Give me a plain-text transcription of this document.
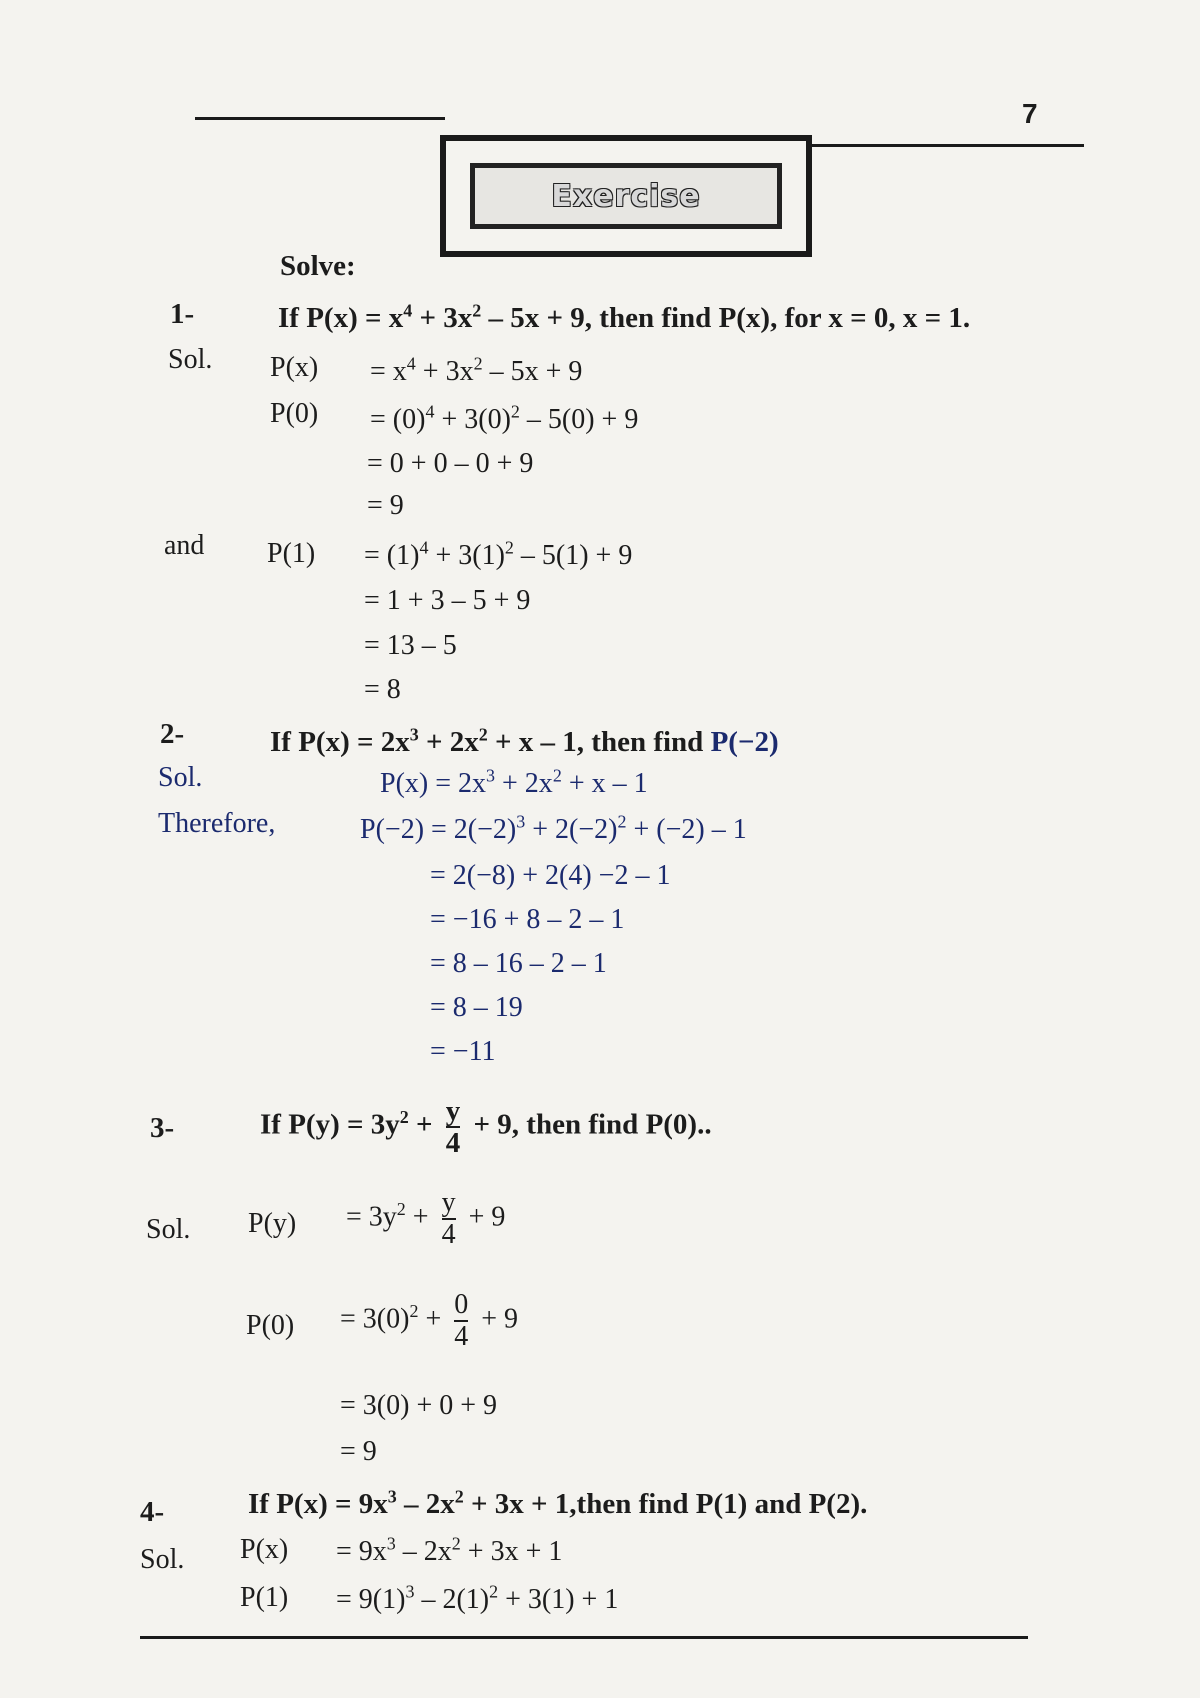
7
Exercise
Solve:
1-	If $P(x) = x^4 + 3x^2 - 5x + 9$, then find P(x), for x = 0, x = 1.
Sol. $P(x) = x^4 + 3x^2 - 5x + 9$
$P(0) = (0)^4 + 3(0)^2 - 5(0) + 9$
= 0 + 0 – 0 + 9
= 9
and $P(1) = (1)^4 + 3(1)^2 - 5(1) + 9$
= 1 + 3 – 5 + 9
= 13 – 5
= 8
2-	If $P(x) = 2x^3 + 2x^2 + x - 1$, then find P(−2)
Sol.	$P(x) = 2x^3 + 2x^2 + x - 1$
Therefore,	$P(-2) = 2(-2)^3 + 2(-2)^2 + (-2) - 1$
= 2(−8) + 2(4) −2 – 1
= −16 + 8 – 2 – 1
= 8 – 16 – 2 – 1
= 8 – 19
= −11
3-	If $P(y) = 3y^2 + \frac{y}{4} + 9$, then find P(0)..
Sol. $P(y) = 3y^2 + \frac{y}{4} + 9$
$P(0) = 3(0)^2 + \frac{0}{4} + 9$
= 3(0) + 0 + 9
= 9
4-	If $P(x) = 9x^3 - 2x^2 + 3x$ + 1,then find P(1) and P(2).
Sol. $P(x) = 9x^3 - 2x^2 + 3x + 1$
$P(1) = 9(1)^3 - 2(1)^2 + 3(1) + 1$
